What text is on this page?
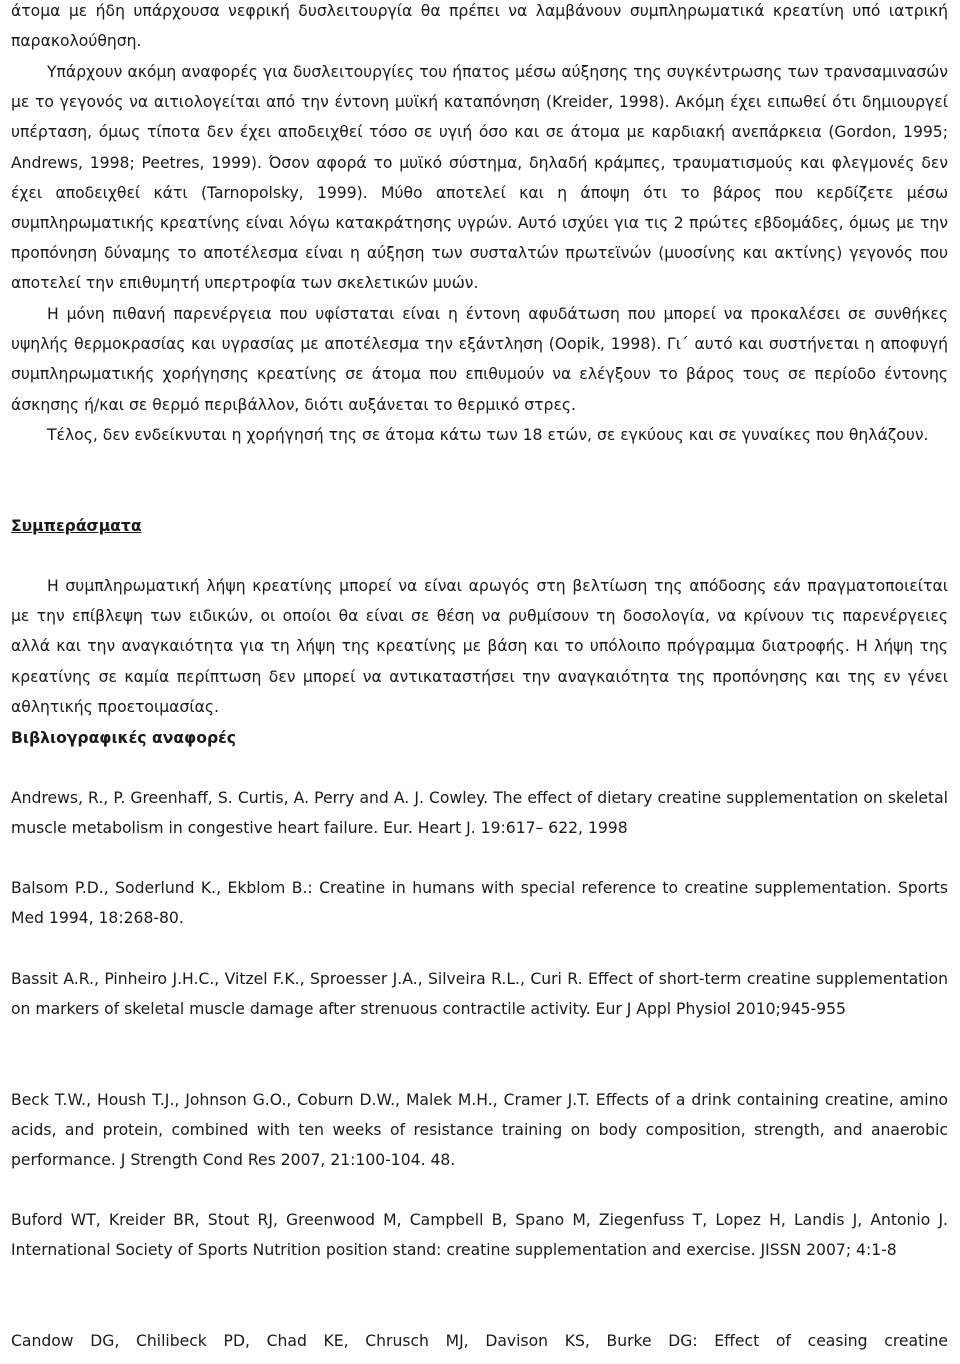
άτομα με ήδη υπάρχουσα νεφρική δυσλειτουργία θα πρέπει να λαμβάνουν συμπληρωματικά κρεατίνη υπό ιατρική παρακολούθηση.

Υπάρχουν ακόμη αναφορές για δυσλειτουργίες του ήπατος μέσω αύξησης της συγκέντρωσης των τρανσαμινασών με το γεγονός να αιτιολογείται από την έντονη μυϊκή καταπόνηση (Kreider, 1998). Ακόμη έχει ειπωθεί ότι δημιουργεί υπέρταση, όμως τίποτα δεν έχει αποδειχθεί τόσο σε υγιή όσο και σε άτομα με καρδιακή ανεπάρκεια (Gordon, 1995; Andrews, 1998; Peetres, 1999). Όσον αφορά το μυϊκό σύστημα, δηλαδή κράμπες, τραυματισμούς και φλεγμονές δεν έχει αποδειχθεί κάτι (Tarnopolsky, 1999). Μύθο αποτελεί και η άποψη ότι το βάρος που κερδίζετε μέσω συμπληρωματικής κρεατίνης είναι λόγω κατακράτησης υγρών. Αυτό ισχύει για τις 2 πρώτες εβδομάδες, όμως με την προπόνηση δύναμης το αποτέλεσμα είναι η αύξηση των συσταλτών πρωτεϊνών (μυοσίνης και ακτίνης) γεγονός που αποτελεί την επιθυμητή υπερτροφία των σκελετικών μυών.

Η μόνη πιθανή παρενέργεια που υφίσταται είναι η έντονη αφυδάτωση που μπορεί να προκαλέσει σε συνθήκες υψηλής θερμοκρασίας και υγρασίας με αποτέλεσμα την εξάντληση (Oopik, 1998). Γι΄ αυτό και συστήνεται η αποφυγή συμπληρωματικής χορήγησης κρεατίνης σε άτομα που επιθυμούν να ελέγξουν το βάρος τους σε περίοδο έντονης άσκησης ή/και σε θερμό περιβάλλον, διότι αυξάνεται το θερμικό στρες.

Τέλος, δεν ενδείκνυται η χορήγησή της σε άτομα κάτω των 18 ετών, σε εγκύους και σε γυναίκες που θηλάζουν.

Συμπεράσματα

Η συμπληρωματική λήψη κρεατίνης μπορεί να είναι αρωγός στη βελτίωση της απόδοσης εάν πραγματοποιείται με την επίβλεψη των ειδικών, οι οποίοι θα είναι σε θέση να ρυθμίσουν τη δοσολογία, να κρίνουν τις παρενέργειες αλλά και την αναγκαιότητα για τη λήψη της κρεατίνης με βάση και το υπόλοιπο πρόγραμμα διατροφής. Η λήψη της κρεατίνης σε καμία περίπτωση δεν μπορεί να αντικαταστήσει την αναγκαιότητα της προπόνησης και της εν γένει αθλητικής προετοιμασίας.

Βιβλιογραφικές αναφορές

Andrews, R., P. Greenhaff, S. Curtis, A. Perry and A. J. Cowley. The effect of dietary creatine supplementation on skeletal muscle metabolism in congestive heart failure. Eur. Heart J. 19:617– 622, 1998

Balsom P.D., Soderlund K., Ekblom B.: Creatine in humans with special reference to creatine supplementation. Sports Med 1994, 18:268-80.

Bassit A.R., Pinheiro J.H.C., Vitzel F.K., Sproesser J.A., Silveira R.L., Curi R. Effect of short-term creatine supplementation on markers of skeletal muscle damage after strenuous contractile activity. Eur J Appl Physiol 2010;945-955

Beck T.W., Housh T.J., Johnson G.O., Coburn D.W., Malek M.H., Cramer J.T. Effects of a drink containing creatine, amino acids, and protein, combined with ten weeks of resistance training on body composition, strength, and anaerobic performance. J Strength Cond Res 2007, 21:100-104. 48.

Buford WT, Kreider BR, Stout RJ, Greenwood M, Campbell B, Spano M, Ziegenfuss T, Lopez H, Landis J, Antonio J. International Society of Sports Nutrition position stand: creatine supplementation and exercise. JISSN 2007; 4:1-8

Candow DG, Chilibeck PD, Chad KE, Chrusch MJ, Davison KS, Burke DG: Effect of ceasing creatine
